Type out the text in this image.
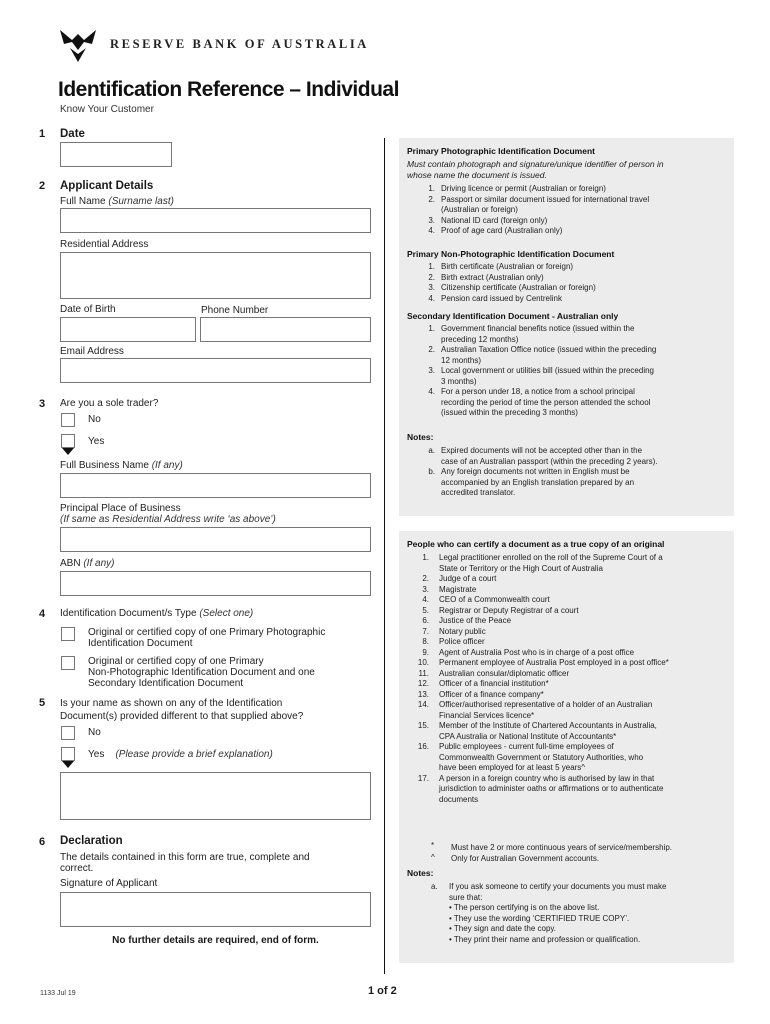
RESERVE BANK OF AUSTRALIA
Identification Reference – Individual
Know Your Customer
1 Date
2 Applicant Details
Full Name (Surname last)
Residential Address
Date of Birth	Phone Number
Email Address
3 Are you a sole trader?
No
Yes
Full Business Name (If any)
Principal Place of Business
(If same as Residential Address write ‘as above’)
ABN (If any)
4 Identification Document/s Type (Select one)
Original or certified copy of one Primary Photographic
Identification Document
Original or certified copy of one Primary
Non-Photographic Identification Document and one
Secondary Identification Document
5 Is your name as shown on any of the Identification
Document(s) provided different to that supplied above?
No
Yes (Please provide a brief explanation)
6 Declaration
The details contained in this form are true, complete and
correct.
Signature of Applicant
No further details are required, end of form.
Primary Photographic Identification Document
Must contain photograph and signature/unique identifier of person in
whose name the document is issued.
1. Driving licence or permit (Australian or foreign)
2. Passport or similar document issued for international travel
(Australian or foreign)
3. National ID card (foreign only)
4. Proof of age card (Australian only)
Primary Non-Photographic Identification Document
1. Birth certificate (Australian or foreign)
2. Birth extract (Australian only)
3. Citizenship certificate (Australian or foreign)
4. Pension card issued by Centrelink
Secondary Identification Document - Australian only
1. Government financial benefits notice (issued within the
preceding 12 months)
2. Australian Taxation Office notice (issued within the preceding
12 months)
3. Local government or utilities bill (issued within the preceding
3 months)
4. For a person under 18, a notice from a school principal
recording the period of time the person attended the school
(issued within the preceding 3 months)
Notes:
a. Expired documents will not be accepted other than in the
case of an Australian passport (within the preceding 2 years).
b. Any foreign documents not written in English must be
accompanied by an English translation prepared by an
accredited translator.
People who can certify a document as a true copy of an original
1. Legal practitioner enrolled on the roll of the Supreme Court of a
State or Territory or the High Court of Australia
2. Judge of a court
3. Magistrate
4. CEO of a Commonwealth court
5. Registrar or Deputy Registrar of a court
6. Justice of the Peace
7. Notary public
8. Police officer
9. Agent of Australia Post who is in charge of a post office
10. Permanent employee of Australia Post employed in a post office*
11. Australian consular/diplomatic officer
12. Officer of a financial institution*
13. Officer of a finance company*
14. Officer/authorised representative of a holder of an Australian
Financial Services licence*
15. Member of the Institute of Chartered Accountants in Australia,
CPA Australia or National Institute of Accountants*
16. Public employees - current full-time employees of
Commonwealth Government or Statutory Authorities, who
have been employed for at least 5 years^
17. A person in a foreign country who is authorised by law in that
jurisdiction to administer oaths or affirmations or to authenticate
documents
* Must have 2 or more continuous years of service/membership.
^ Only for Australian Government accounts.
Notes:
a. If you ask someone to certify your documents you must make
sure that:
• The person certifying is on the above list.
• They use the wording ‘CERTIFIED TRUE COPY’.
• They sign and date the copy.
• They print their name and profession or qualification.
1133 Jul 19	1 of 2
